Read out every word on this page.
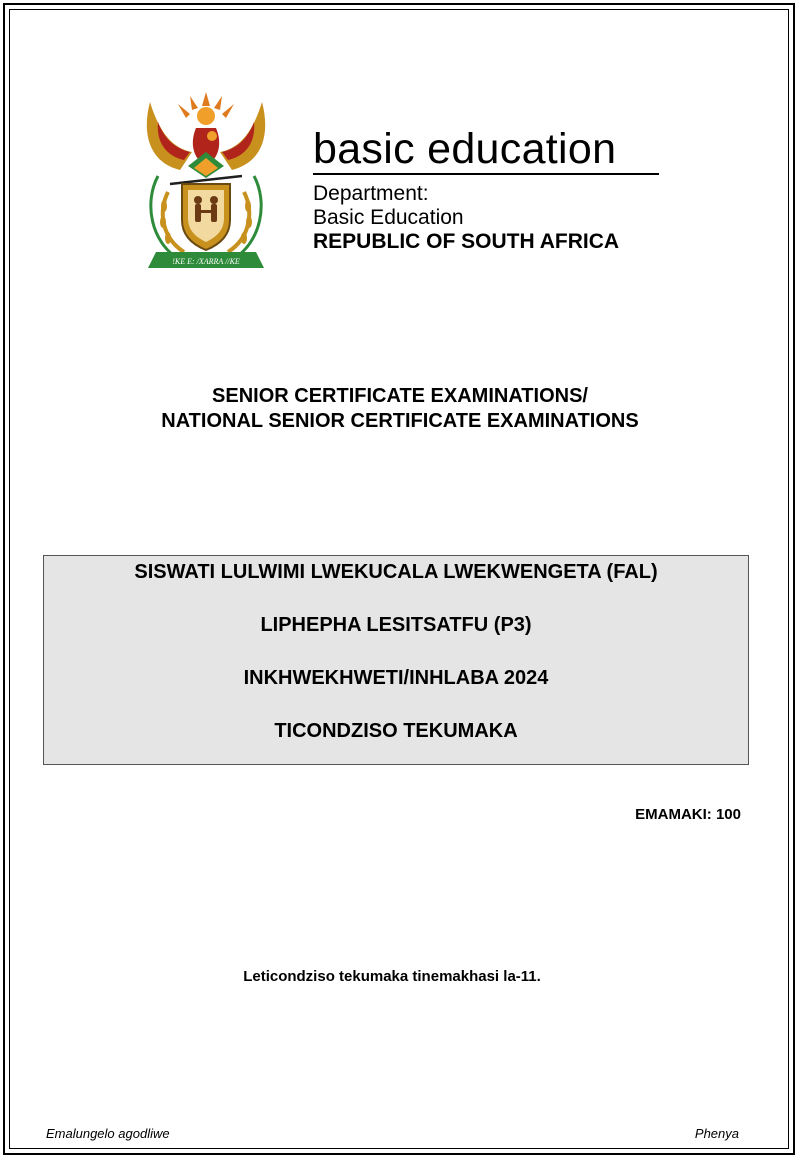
!KE E: /XARRA //KE
basic education
Department:
Basic Education
REPUBLIC OF SOUTH AFRICA
SENIOR CERTIFICATE EXAMINATIONS/
NATIONAL SENIOR CERTIFICATE EXAMINATIONS
SISWATI LULWIMI LWEKUCALA LWEKWENGETA (FAL)
LIPHEPHA LESITSATFU (P3)
INKHWEKHWETI/INHLABA 2024
TICONDZISO TEKUMAKA
EMAMAKI: 100
Leticondziso tekumaka tinemakhasi la-11.
Emalungelo agodliwe	Phenya
